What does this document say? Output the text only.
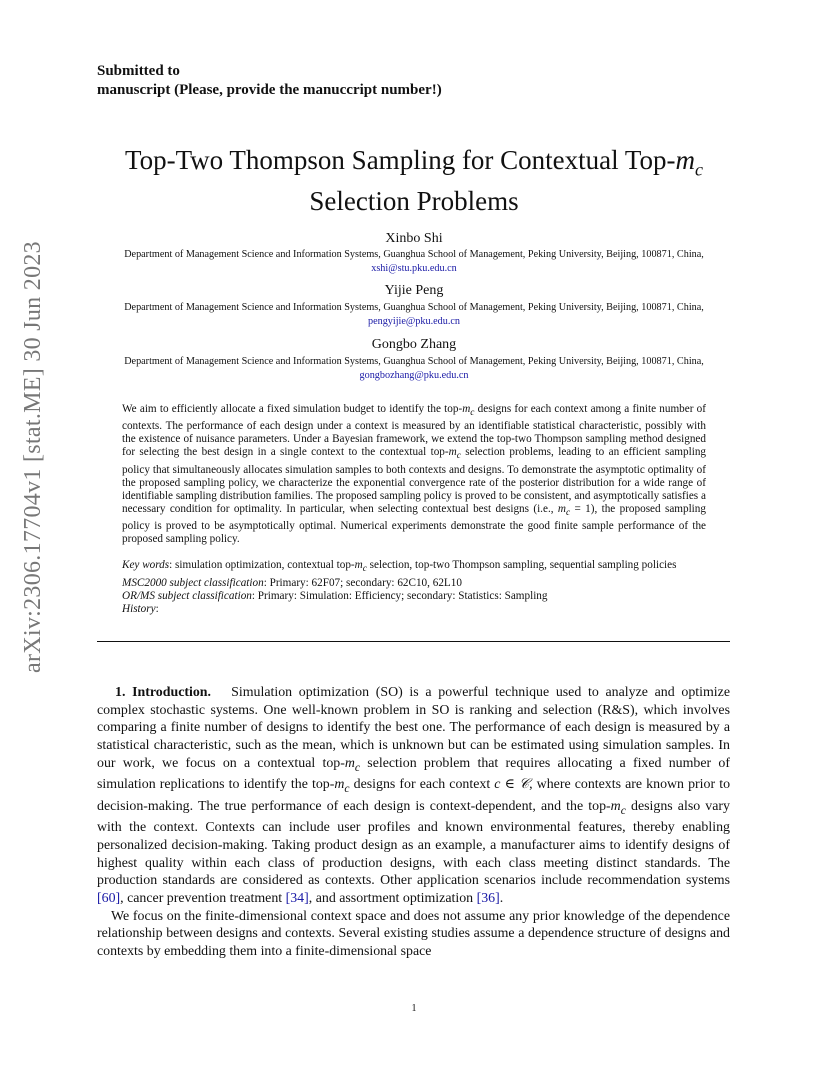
Submitted to
manuscript (Please, provide the manuccript number!)
Top-Two Thompson Sampling for Contextual Top-$m_c$
Selection Problems
Xinbo Shi
Department of Management Science and Information Systems, Guanghua School of Management, Peking University, Beijing, 100871, China, xshi@stu.pku.edu.cn
Yijie Peng
Department of Management Science and Information Systems, Guanghua School of Management, Peking University, Beijing, 100871, China, pengyijie@pku.edu.cn
Gongbo Zhang
Department of Management Science and Information Systems, Guanghua School of Management, Peking University, Beijing, 100871, China, gongbozhang@pku.edu.cn
We aim to efficiently allocate a fixed simulation budget to identify the top-$m_c$ designs for each context among a finite number of contexts. The performance of each design under a context is measured by an identifiable statistical characteristic, possibly with the existence of nuisance parameters. Under a Bayesian framework, we extend the top-two Thompson sampling method designed for selecting the best design in a single context to the contextual top-$m_c$ selection problems, leading to an efficient sampling policy that simultaneously allocates simulation samples to both contexts and designs. To demonstrate the asymptotic optimality of the proposed sampling policy, we characterize the exponential convergence rate of the posterior distribution for a wide range of identifiable sampling distribution families. The proposed sampling policy is proved to be consistent, and asymptotically satisfies a necessary condition for optimality. In particular, when selecting contextual best designs (i.e., $m_c = 1$), the proposed sampling policy is proved to be asymptotically optimal. Numerical experiments demonstrate the good finite sample performance of the proposed sampling policy.
Key words: simulation optimization, contextual top-$m_c$ selection, top-two Thompson sampling, sequential sampling policies
MSC2000 subject classification: Primary: 62F07; secondary: 62C10, 62L10
OR/MS subject classification: Primary: Simulation: Efficiency; secondary: Statistics: Sampling
History:

1. Introduction. Simulation optimization (SO) is a powerful technique used to analyze and optimize complex stochastic systems. One well-known problem in SO is ranking and selection (R&S), which involves comparing a finite number of designs to identify the best one. The performance of each design is measured by a statistical characteristic, such as the mean, which is unknown but can be estimated using simulation samples. In our work, we focus on a contextual top-$m_c$ selection problem that requires allocating a fixed number of simulation replications to identify the top-$m_c$ designs for each context c ∈ 𝒞, where contexts are known prior to decision-making. The true performance of each design is context-dependent, and the top-$m_c$ designs also vary with the context. Contexts can include user profiles and known environmental features, thereby enabling personalized decision-making. Taking product design as an example, a manufacturer aims to identify designs of highest quality within each class of production designs, with each class meeting distinct standards. The production standards are considered as contexts. Other application scenarios include recommendation systems [60], cancer prevention treatment [34], and assortment optimization [36].

We focus on the finite-dimensional context space and does not assume any prior knowledge of the dependence relationship between designs and contexts. Several existing studies assume a dependence structure of designs and contexts by embedding them into a finite-dimensional space

1
arXiv:2306.17704v1 [stat.ME] 30 Jun 2023
